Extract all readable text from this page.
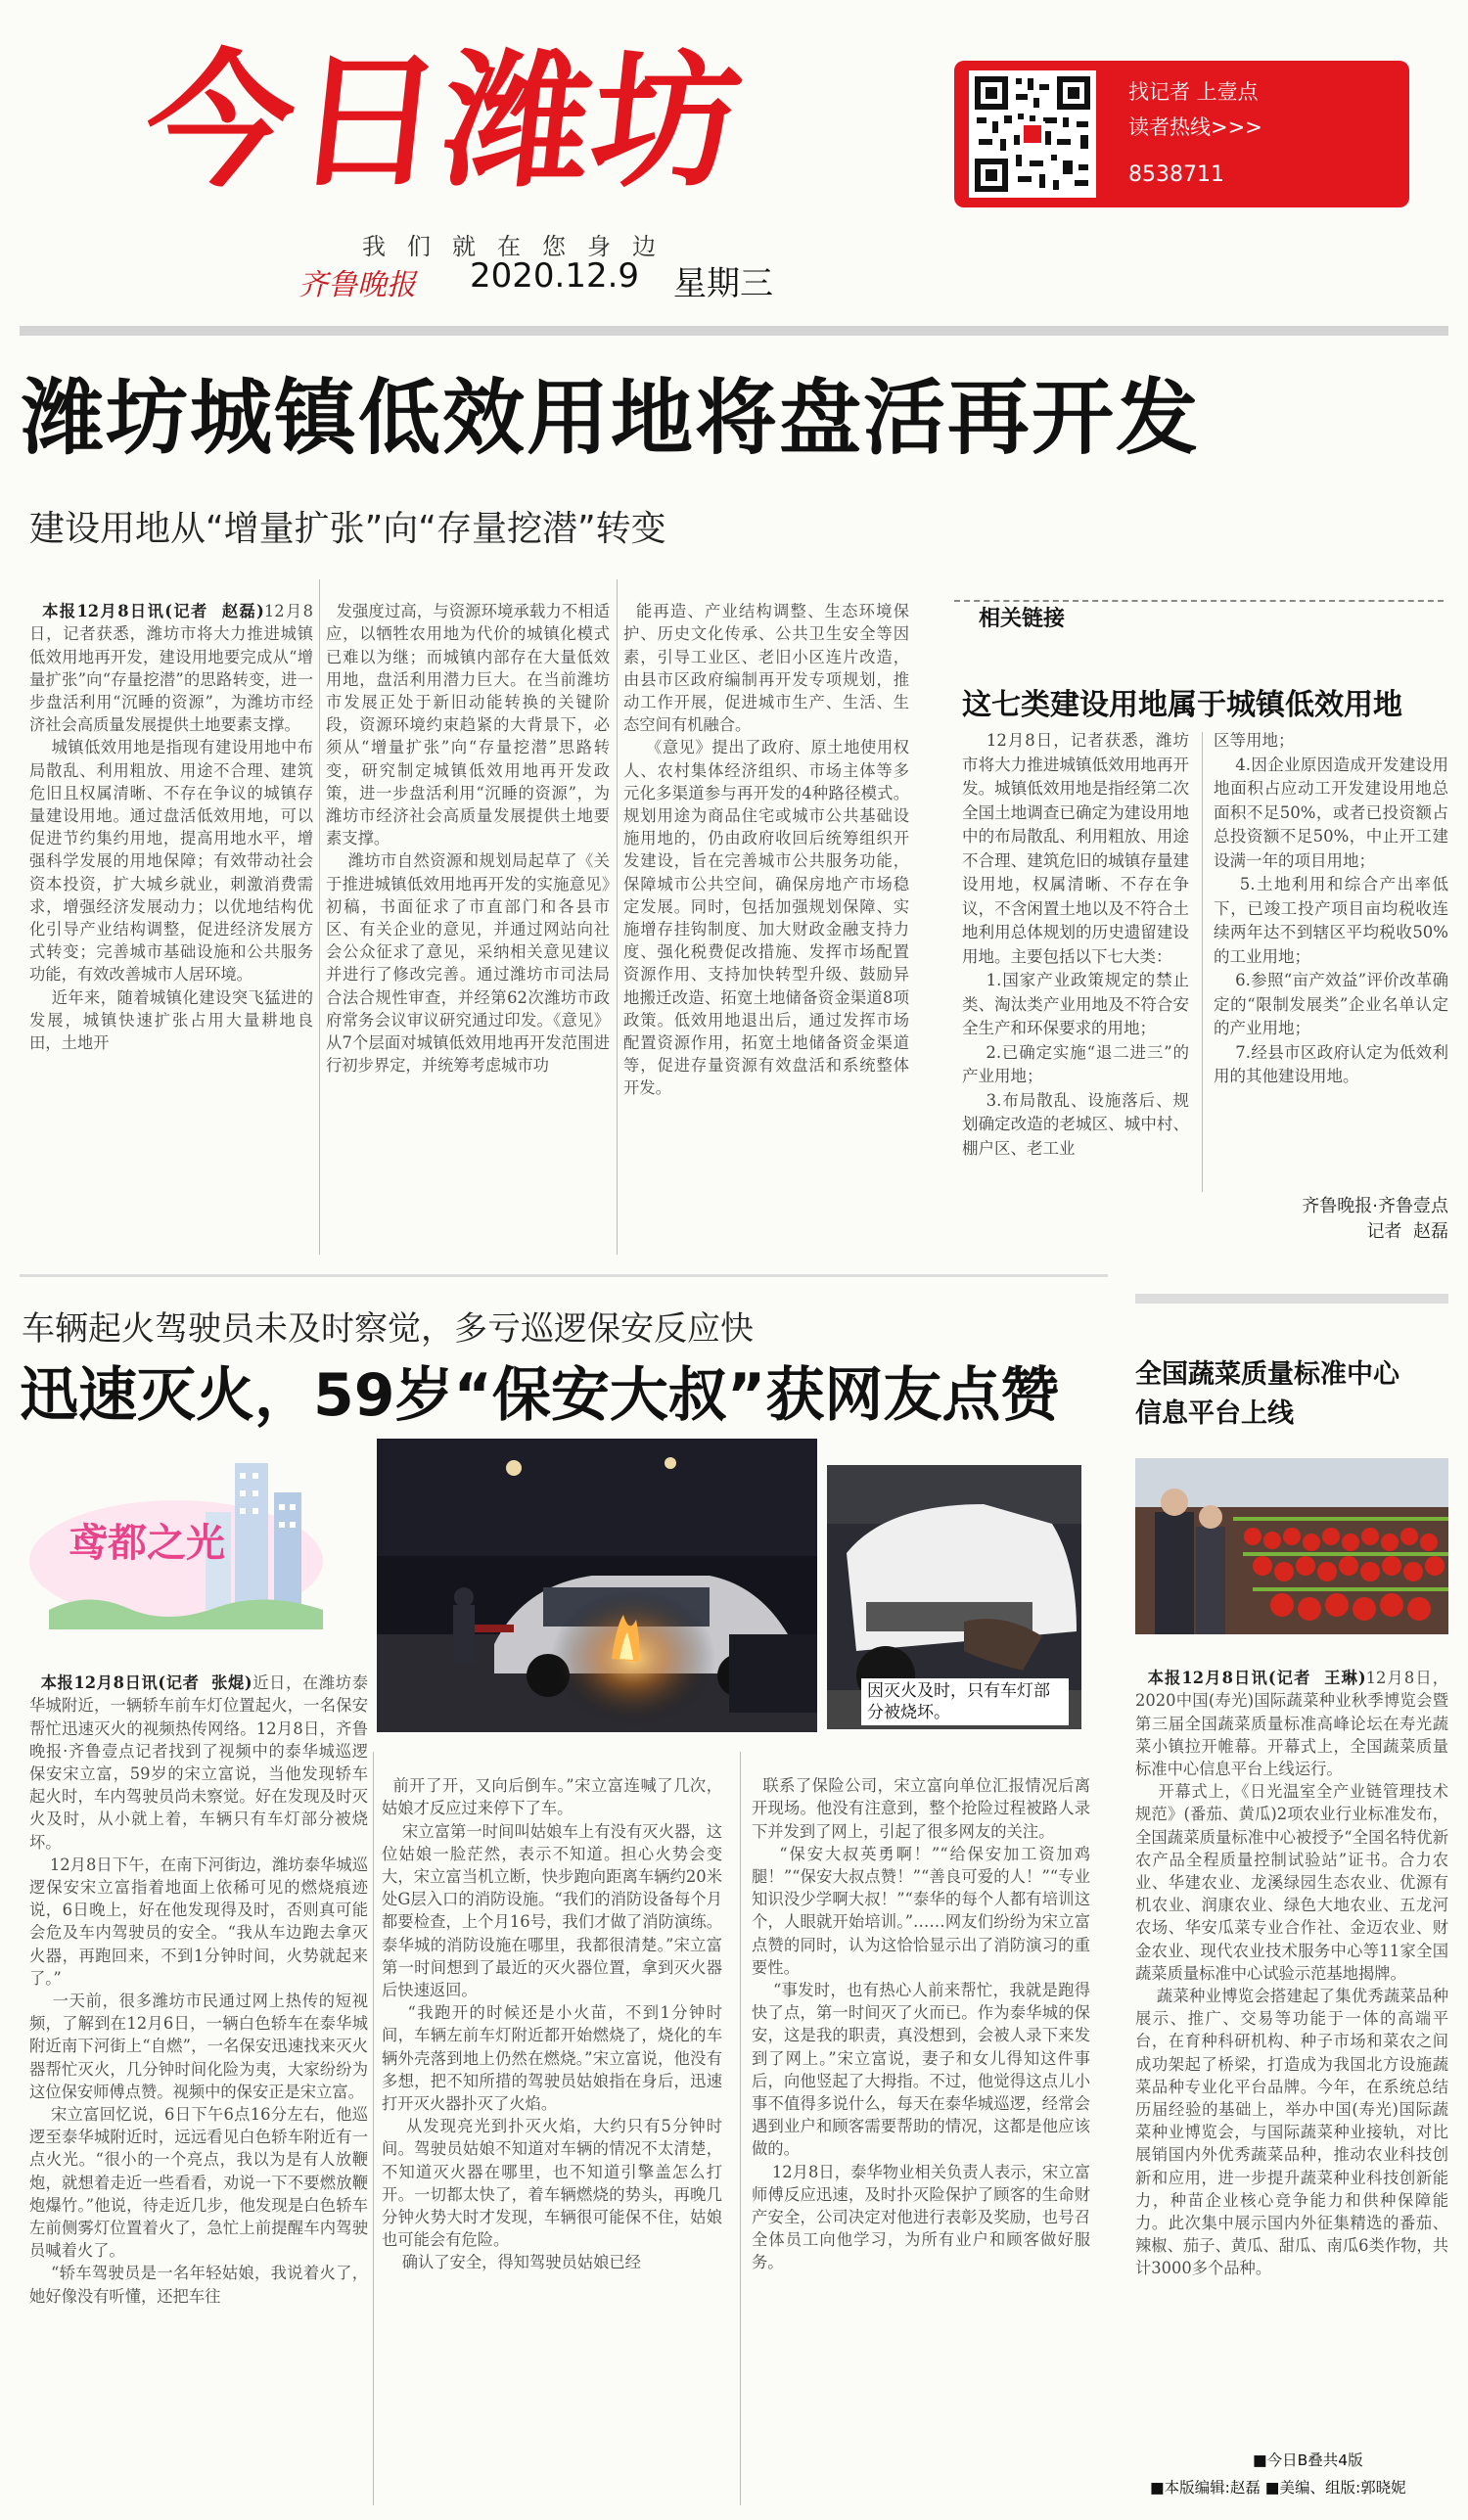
今日潍坊
我们就在您身边
齐鲁晚报 2020.12.9 星期三
找记者 上壹点
读者热线>>>
8538711
潍坊城镇低效用地将盘活再开发
建设用地从“增量扩张”向“存量挖潜”转变

本报12月8日讯(记者  赵磊)12月8日，记者获悉，潍坊市将大力推进城镇低效用地再开发，建设用地要完成从“增量扩张”向“存量挖潜”的思路转变，进一步盘活利用“沉睡的资源”，为潍坊市经济社会高质量发展提供土地要素支撑。
城镇低效用地是指现有建设用地中布局散乱、利用粗放、用途不合理、建筑危旧且权属清晰、不存在争议的城镇存量建设用地。通过盘活低效用地，可以促进节约集约用地，提高用地水平，增强科学发展的用地保障；有效带动社会资本投资，扩大城乡就业，刺激消费需求，增强经济发展动力；以优地结构优化引导产业结构调整，促进经济发展方式转变；完善城市基础设施和公共服务功能，有效改善城市人居环境。
近年来，随着城镇化建设突飞猛进的发展，城镇快速扩张占用大量耕地良田，土地开

发强度过高，与资源环境承载力不相适应，以牺牲农用地为代价的城镇化模式已难以为继；而城镇内部存在大量低效用地，盘活利用潜力巨大。在当前潍坊市发展正处于新旧动能转换的关键阶段，资源环境约束趋紧的大背景下，必须从“增量扩张”向“存量挖潜”思路转变，研究制定城镇低效用地再开发政策，进一步盘活利用“沉睡的资源”，为潍坊市经济社会高质量发展提供土地要素支撑。
潍坊市自然资源和规划局起草了《关于推进城镇低效用地再开发的实施意见》初稿，书面征求了市直部门和各县市区、有关企业的意见，并通过网站向社会公众征求了意见，采纳相关意见建议并进行了修改完善。通过潍坊市司法局合法合规性审查，并经第62次潍坊市政府常务会议审议研究通过印发。《意见》从7个层面对城镇低效用地再开发范围进行初步界定，并统筹考虑城市功

能再造、产业结构调整、生态环境保护、历史文化传承、公共卫生安全等因素，引导工业区、老旧小区连片改造，由县市区政府编制再开发专项规划，推动工作开展，促进城市生产、生活、生态空间有机融合。
《意见》提出了政府、原土地使用权人、农村集体经济组织、市场主体等多元化多渠道参与再开发的4种路径模式。规划用途为商品住宅或城市公共基础设施用地的，仍由政府收回后统筹组织开发建设，旨在完善城市公共服务功能，保障城市公共空间，确保房地产市场稳定发展。同时，包括加强规划保障、实施增存挂钩制度、加大财政金融支持力度、强化税费促改措施、发挥市场配置资源作用、支持加快转型升级、鼓励异地搬迁改造、拓宽土地储备资金渠道8项政策。低效用地退出后，通过发挥市场配置资源作用，拓宽土地储备资金渠道等，促进存量资源有效盘活和系统整体开发。

相关链接
这七类建设用地属于城镇低效用地
12月8日，记者获悉，潍坊市将大力推进城镇低效用地再开发。城镇低效用地是指经第二次全国土地调查已确定为建设用地中的布局散乱、利用粗放、用途不合理、建筑危旧的城镇存量建设用地，权属清晰、不存在争议，不含闲置土地以及不符合土地利用总体规划的历史遗留建设用地。主要包括以下七大类：
1.国家产业政策规定的禁止类、淘汰类产业用地及不符合安全生产和环保要求的用地；
2.已确定实施“退二进三”的产业用地；
3.布局散乱、设施落后、规划确定改造的老城区、城中村、棚户区、老工业
区等用地；
4.因企业原因造成开发建设用地面积占应动工开发建设用地总面积不足50%，或者已投资额占总投资额不足50%，中止开工建设满一年的项目用地；
5.土地利用和综合产出率低下，已竣工投产项目亩均税收连续两年达不到辖区平均税收50%的工业用地；
6.参照“亩产效益”评价改革确定的“限制发展类”企业名单认定的产业用地；
7.经县市区政府认定为低效利用的其他建设用地。
齐鲁晚报·齐鲁壹点
记者  赵磊
车辆起火驾驶员未及时察觉，多亏巡逻保安反应快
迅速灭火，59岁“保安大叔”获网友点赞
鸢都之光
因灭火及时，只有车灯部分被烧坏。

本报12月8日讯(记者  张焜)近日，在潍坊泰华城附近，一辆轿车前车灯位置起火，一名保安帮忙迅速灭火的视频热传网络。12月8日，齐鲁晚报·齐鲁壹点记者找到了视频中的泰华城巡逻保安宋立富，59岁的宋立富说，当他发现轿车起火时，车内驾驶员尚未察觉。好在发现及时灭火及时，从小就上着，车辆只有车灯部分被烧坏。
12月8日下午，在南下河街边，潍坊泰华城巡逻保安宋立富指着地面上依稀可见的燃烧痕迹说，6日晚上，好在他发现得及时，否则真可能会危及车内驾驶员的安全。“我从车边跑去拿灭火器，再跑回来，不到1分钟时间，火势就起来了。”
一天前，很多潍坊市民通过网上热传的短视频，了解到在12月6日，一辆白色轿车在泰华城附近南下河街上“自燃”，一名保安迅速找来灭火器帮忙灭火，几分钟时间化险为夷，大家纷纷为这位保安师傅点赞。视频中的保安正是宋立富。
宋立富回忆说，6日下午6点16分左右，他巡逻至泰华城附近时，远远看见白色轿车附近有一点火光。“很小的一个亮点，我以为是有人放鞭炮，就想着走近一些看看，劝说一下不要燃放鞭炮爆竹。”他说，待走近几步，他发现是白色轿车左前侧雾灯位置着火了，急忙上前提醒车内驾驶员喊着火了。
“轿车驾驶员是一名年轻姑娘，我说着火了，她好像没有听懂，还把车往

前开了开，又向后倒车。”宋立富连喊了几次，姑娘才反应过来停下了车。
宋立富第一时间叫姑娘车上有没有灭火器，这位姑娘一脸茫然，表示不知道。担心火势会变大，宋立富当机立断，快步跑向距离车辆约20米处G层入口的消防设施。“我们的消防设备每个月都要检查，上个月16号，我们才做了消防演练。泰华城的消防设施在哪里，我都很清楚。”宋立富第一时间想到了最近的灭火器位置，拿到灭火器后快速返回。
“我跑开的时候还是小火苗，不到1分钟时间，车辆左前车灯附近都开始燃烧了，烧化的车辆外壳落到地上仍然在燃烧。”宋立富说，他没有多想，把不知所措的驾驶员姑娘指在身后，迅速打开灭火器扑灭了火焰。
从发现亮光到扑灭火焰，大约只有5分钟时间。驾驶员姑娘不知道对车辆的情况不太清楚，不知道灭火器在哪里，也不知道引擎盖怎么打开。一切都太快了，着车辆燃烧的势头，再晚几分钟火势大时才发现，车辆很可能保不住，姑娘也可能会有危险。
确认了安全，得知驾驶员姑娘已经

联系了保险公司，宋立富向单位汇报情况后离开现场。他没有注意到，整个抢险过程被路人录下并发到了网上，引起了很多网友的关注。
“保安大叔英勇啊！”“给保安加工资加鸡腿！”“保安大叔点赞！”“善良可爱的人！”“专业知识没少学啊大叔！”“泰华的每个人都有培训这个，人眼就开始培训。”……网友们纷纷为宋立富点赞的同时，认为这恰恰显示出了消防演习的重要性。
“事发时，也有热心人前来帮忙，我就是跑得快了点，第一时间灭了火而已。作为泰华城的保安，这是我的职责，真没想到，会被人录下来发到了网上。”宋立富说，妻子和女儿得知这件事后，向他竖起了大拇指。不过，他觉得这点儿小事不值得多说什么，每天在泰华城巡逻，经常会遇到业户和顾客需要帮助的情况，这都是他应该做的。
12月8日，泰华物业相关负责人表示，宋立富师傅反应迅速，及时扑灭险保护了顾客的生命财产安全，公司决定对他进行表彰及奖励，也号召全体员工向他学习，为所有业户和顾客做好服务。

全国蔬菜质量标准中心
信息平台上线

本报12月8日讯(记者  王琳)12月8日，2020中国(寿光)国际蔬菜种业秋季博览会暨第三届全国蔬菜质量标准高峰论坛在寿光蔬菜小镇拉开帷幕。开幕式上，全国蔬菜质量标准中心信息平台上线运行。
开幕式上，《日光温室全产业链管理技术规范》(番茄、黄瓜)2项农业行业标准发布，全国蔬菜质量标准中心被授予“全国名特优新农产品全程质量控制试验站”证书。合力农业、华建农业、龙溪绿园生态农业、优源有机农业、润康农业、绿色大地农业、五龙河农场、华安瓜菜专业合作社、金迈农业、财金农业、现代农业技术服务中心等11家全国蔬菜质量标准中心试验示范基地揭牌。
蔬菜种业博览会搭建起了集优秀蔬菜品种展示、推广、交易等功能于一体的高端平台，在育种科研机构、种子市场和菜农之间成功架起了桥梁，打造成为我国北方设施蔬菜品种专业化平台品牌。今年，在系统总结历届经验的基础上，举办中国(寿光)国际蔬菜种业博览会，与国际蔬菜种业接轨，对比展销国内外优秀蔬菜品种，推动农业科技创新和应用，进一步提升蔬菜种业科技创新能力，种苗企业核心竞争能力和供种保障能力。此次集中展示国内外征集精选的番茄、辣椒、茄子、黄瓜、甜瓜、南瓜6类作物，共计3000多个品种。

■今日B叠共4版
■本版编辑:赵磊 ■美编、组版:郭晓妮
